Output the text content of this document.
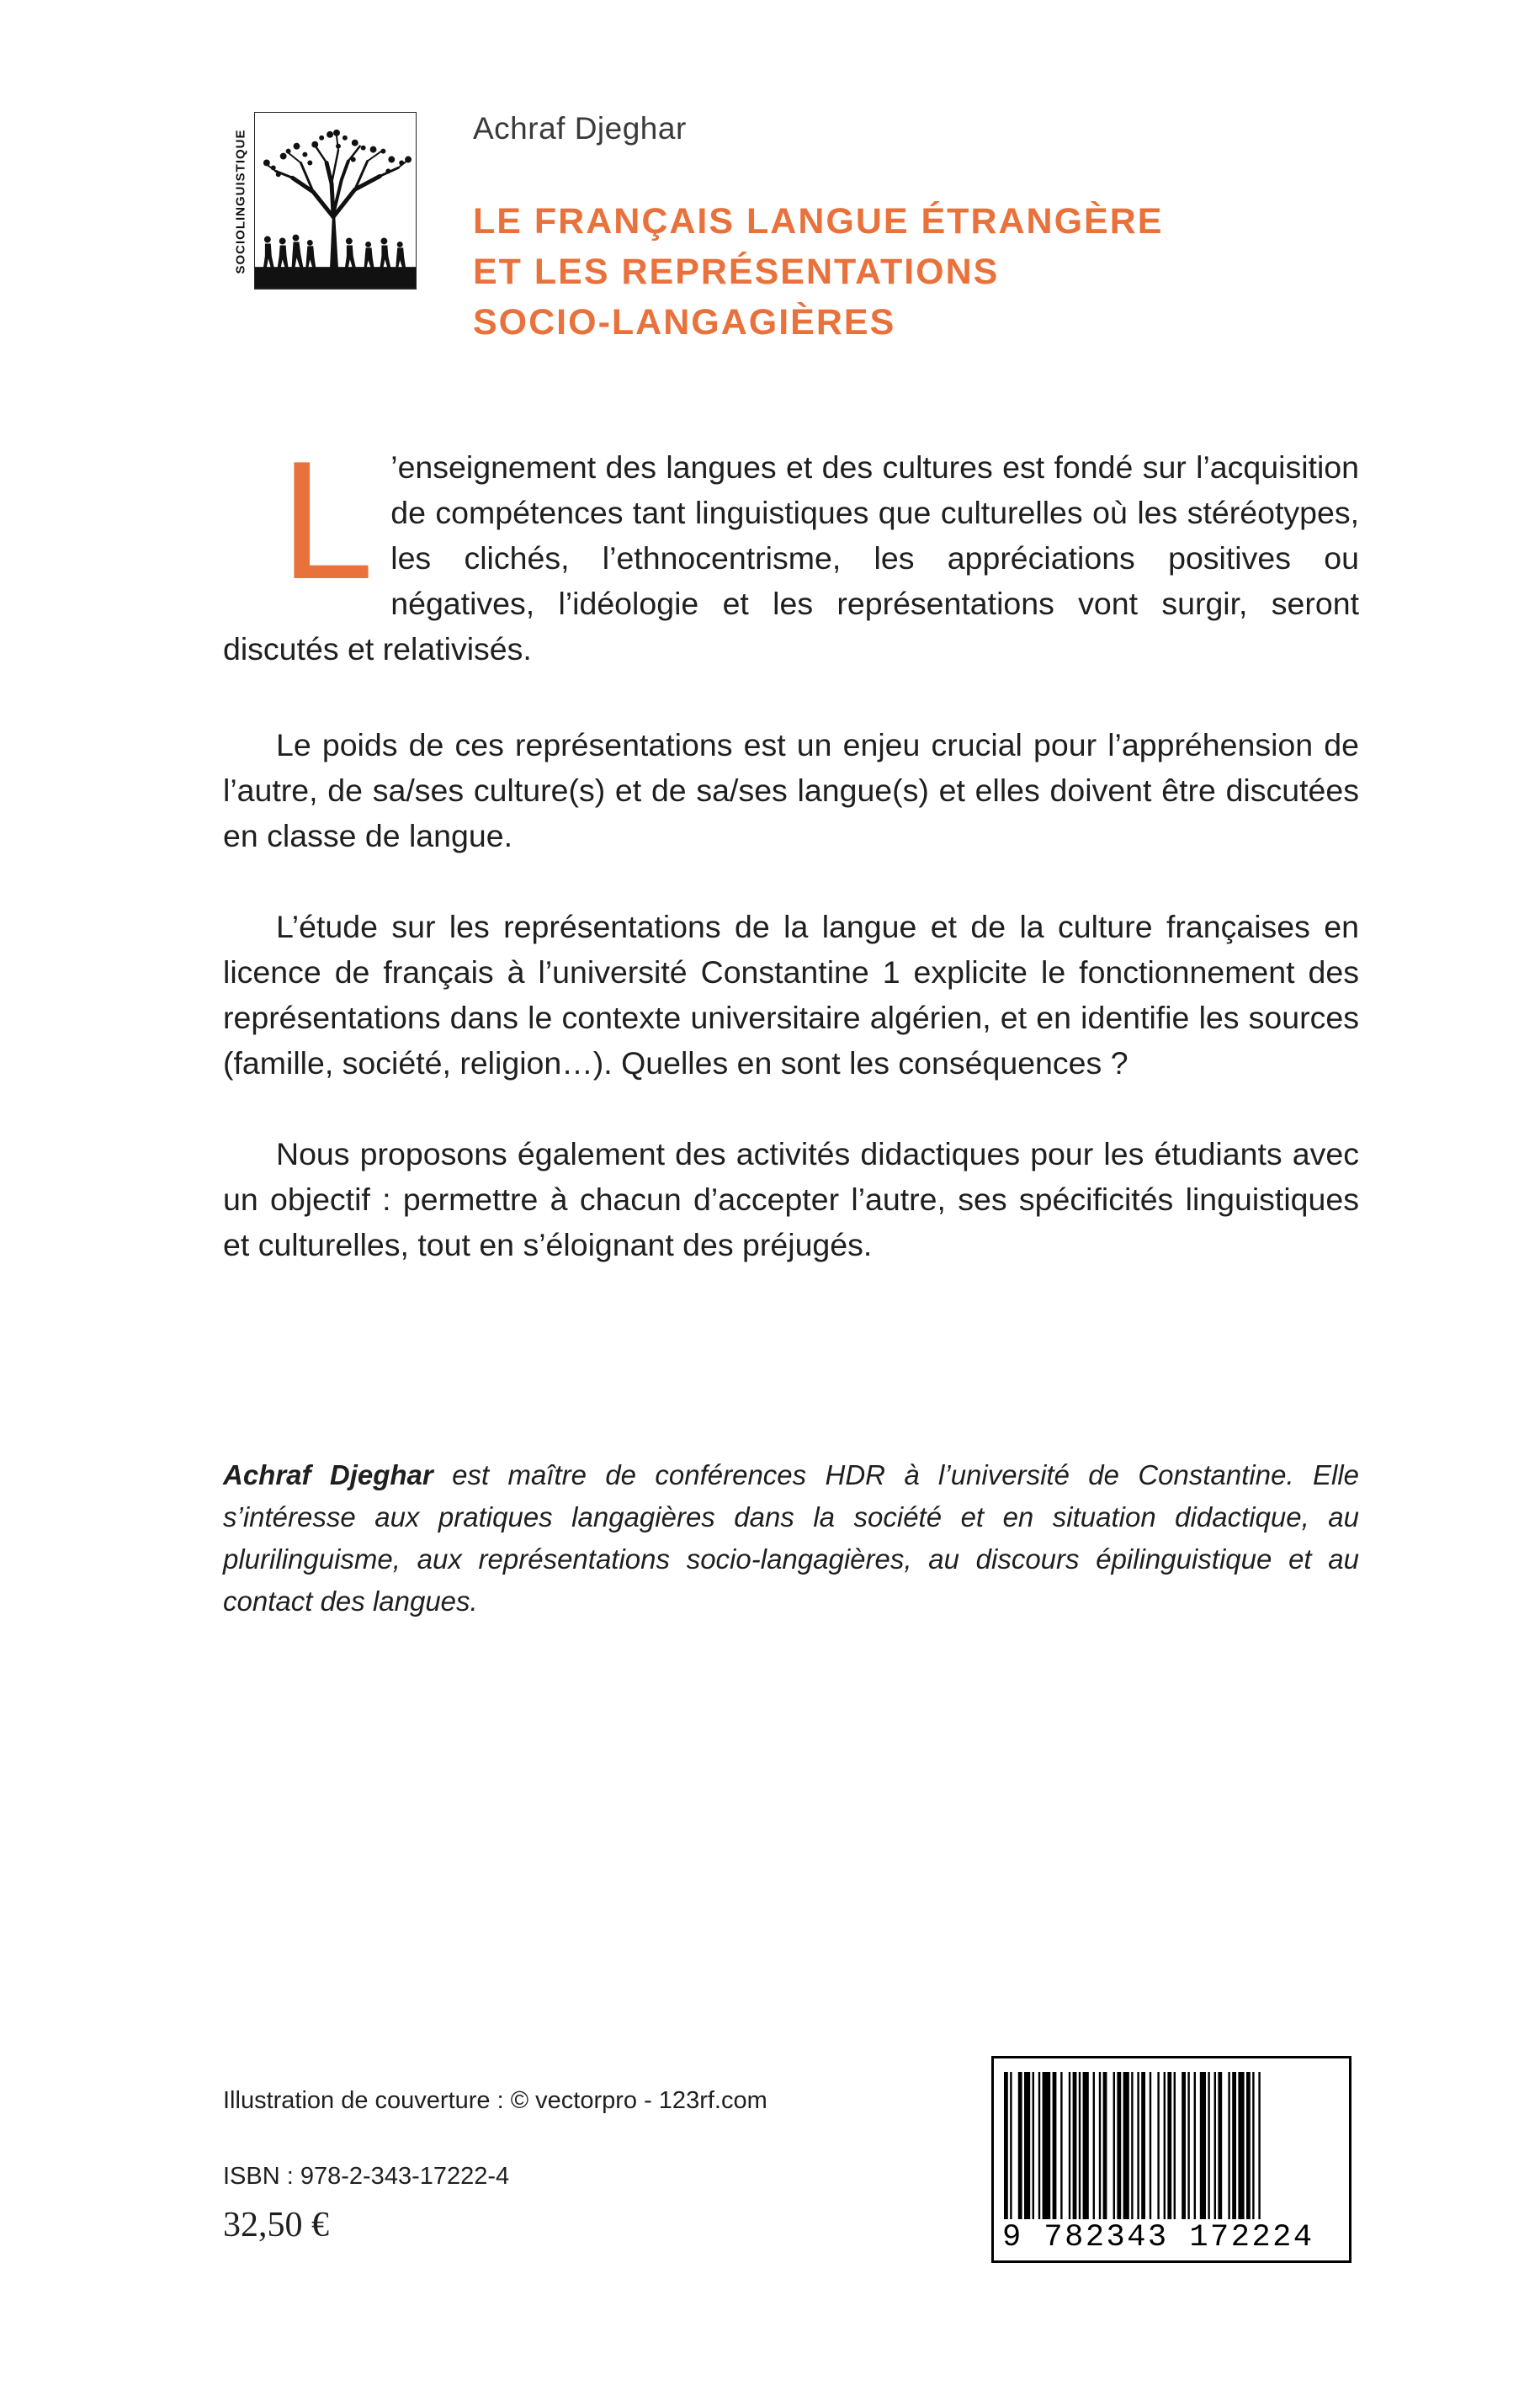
SOCIOLINGUISTIQUE
Achraf Djeghar
LE FRANÇAIS LANGUE ÉTRANGÈRE
ET LES REPRÉSENTATIONS
SOCIO-LANGAGIÈRES
L ’enseignement des langues et des cultures est fondé sur l’acquisition de compétences tant linguistiques que culturelles où les stéréotypes, les clichés, l’ethnocentrisme, les appréciations positives ou négatives, l’idéologie et les représentations vont surgir, seront discutés et relativisés.
Le poids de ces représentations est un enjeu crucial pour l’appréhension de l’autre, de sa/ses culture(s) et de sa/ses langue(s) et elles doivent être discutées en classe de langue.
L’étude sur les représentations de la langue et de la culture françaises en licence de français à l’université Constantine 1 explicite le fonctionnement des représentations dans le contexte universitaire algérien, et en identifie les sources (famille, société, religion…). Quelles en sont les conséquences ?
Nous proposons également des activités didactiques pour les étudiants avec un objectif : permettre à chacun d’accepter l’autre, ses spécificités linguistiques et culturelles, tout en s’éloignant des préjugés.
Achraf Djeghar est maître de conférences HDR à l’université de Constantine. Elle s’intéresse aux pratiques langagières dans la société et en situation didactique, au plurilinguisme, aux représentations socio-langagières, au discours épilinguistique et au contact des langues.
Illustration de couverture : © vectorpro - 123rf.com
ISBN : 978-2-343-17222-4
32,50 €	9 782343 172224
